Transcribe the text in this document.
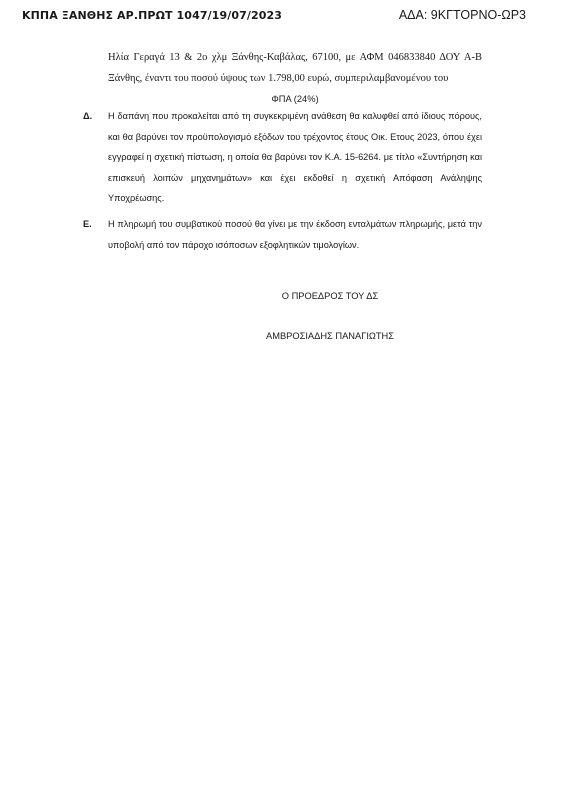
ΚΠΠΑ ΞΑΝΘΗΣ ΑΡ.ΠΡΩΤ 1047/19/07/2023	ΑΔΑ: 9ΚΓΤΟΡΝΟ-ΩΡ3
Ηλία Γεραγά 13 & 2ο χλμ Ξάνθης-Καβάλας, 67100, με ΑΦΜ 046833840 ΔΟΥ Α-Β Ξάνθης, έναντι του ποσού ύψους των 1.798,00 ευρώ, συμπεριλαμβανομένου του
ΦΠΑ (24%)
Δ. Η δαπάνη που προκαλείται από τη συγκεκριμένη ανάθεση θα καλυφθεί από ίδιους πόρους, και θα βαρύνει τον προϋπολογισμό εξόδων του τρέχοντος έτους Οικ. Ετους 2023, όπου έχει εγγραφεί η σχετική πίστωση, η οποία θα βαρύνει τον Κ.Α. 15-6264. με τίτλο «Συντήρηση και επισκευή λοιπών μηχανημάτων» και έχει εκδοθεί η σχετική Απόφαση Ανάληψης Υποχρέωσης.
Ε. Η πληρωμή του συμβατικού ποσού θα γίνει με την έκδοση ενταλμάτων πληρωμής, μετά την υποβολή από τον πάροχο ισόποσων εξοφλητικών τιμολογίων.
Ο ΠΡΟΕΔΡΟΣ ΤΟΥ ΔΣ
ΑΜΒΡΟΣΙΑΔΗΣ ΠΑΝΑΓΙΩΤΗΣ
